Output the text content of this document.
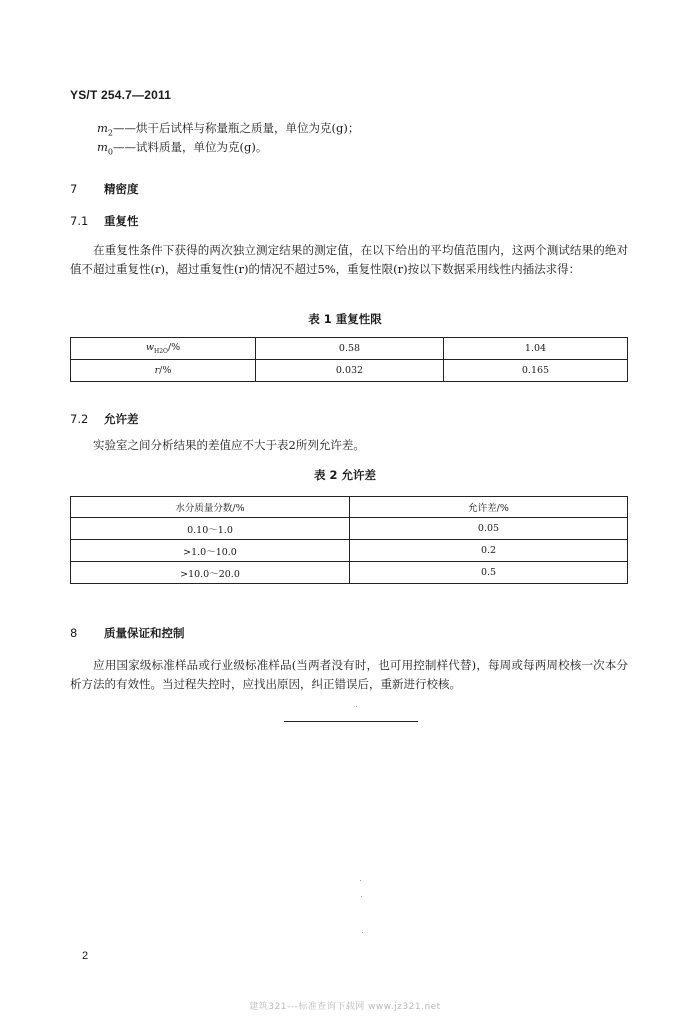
YS/T 254.7—2011
$m_2——$烘干后试样与称量瓶之质量，单位为克(g)；
$m_0——$试料质量，单位为克(g)。
7 精密度
7.1 重复性
在重复性条件下获得的两次独立测定结果的测定值，在以下给出的平均值范围内，这两个测试结果的绝对值不超过重复性(r)，超过重复性(r)的情况不超过5%，重复性限(r)按以下数据采用线性内插法求得：
表 1 重复性限
$w_{H2O}/\%$	0.58	1.04
r/%	0.032	0.165
7.2 允许差
实验室之间分析结果的差值应不大于表2所列允许差。
表 2 允许差
水分质量分数/%	允许差/%
0.10～1.0	0.05
>1.0～10.0	0.2
>10.0～20.0	0.5
8 质量保证和控制
应用国家级标准样品或行业级标准样品(当两者没有时，也可用控制样代替)，每周或每两周校核一次本分析方法的有效性。当过程失控时，应找出原因，纠正错误后，重新进行校核。
2
建筑321---标准查询下载网 www.jz321.net
